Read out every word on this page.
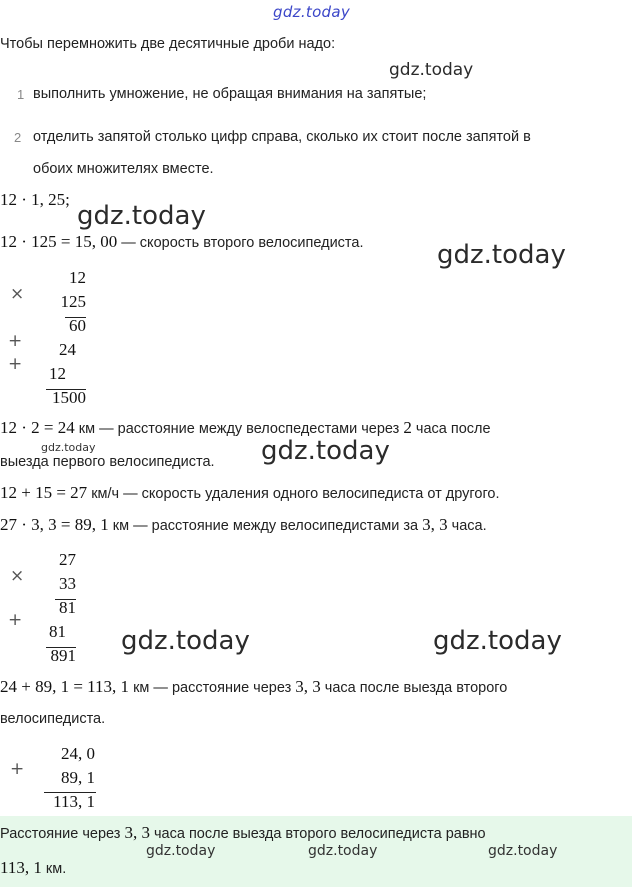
gdz.today
Чтобы перемножить две десятичные дроби надо:
gdz.today
1 выполнить умножение, не обращая внимания на запятые;
2 отделить запятой столько цифр справа, сколько их стоит после запятой в
обоих множителях вместе.
12 · 1, 25;
gdz.today
12 · 125 = 15, 00 — скорость второго велосипедиста.	gdz.today
×
12
125
60
+	24
+	12
1500
12 · 2 = 24 км — расстояние между велоспедестами через 2 часа после
gdz.today
выезда первого велосипедиста. gdz.today
12 + 15 = 27 км/ч — скорость удаления одного велосипедиста от другого.
27 · 3, 3 = 89, 1 км — расстояние между велосипедистами за 3, 3 часа.
×
27
33
81
+
81
891 gdz.today	gdz.today
24 + 89, 1 = 113, 1 км — расстояние через 3, 3 часа после выезда второго
велосипедиста.
+
24, 0
89, 1
113, 1
Расстояние через 3, 3 часа после выезда второго велосипедиста равно
gdz.today	gdz.today	gdz.today
113, 1 км.
